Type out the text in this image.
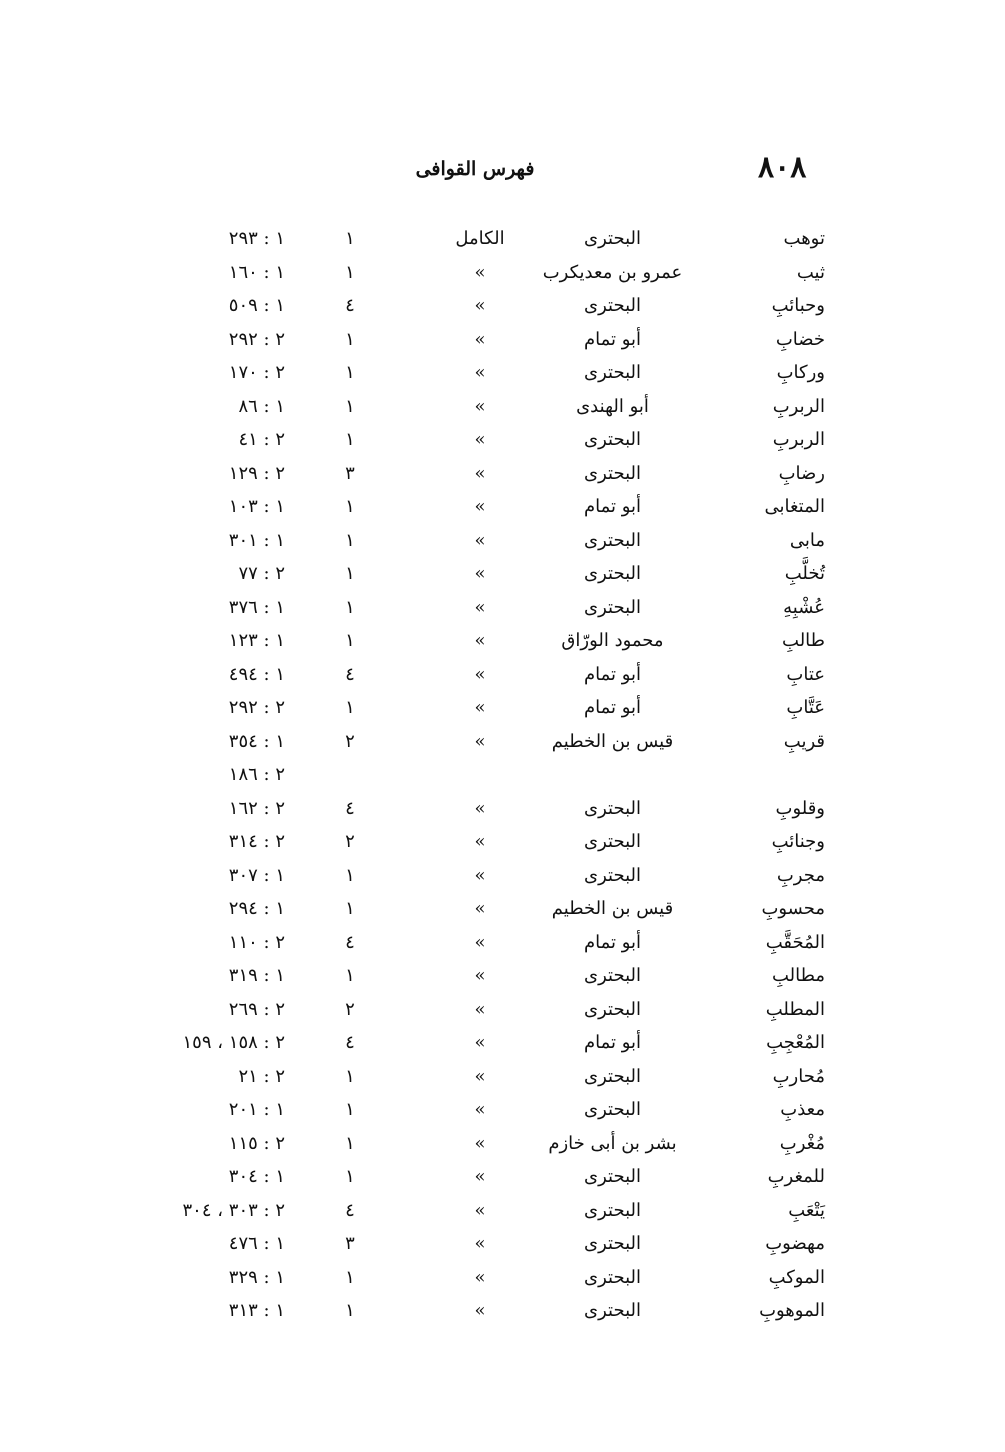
٨٠٨
فهرس القوافى
توهب
البحترى
الكامل
١
١ : ٢٩٣
ثيب
عمرو بن معديكرب
»
١
١ : ١٦٠
وحبائبِ
البحترى
»
٤
١ : ٥٠٩
خضابِ
أبو تمام
»
١
٢ : ٢٩٢
وركابِ
البحترى
»
١
٢ : ١٧٠
الربربِ
أبو الهندى
»
١
١ : ٨٦
الربربِ
البحترى
»
١
٢ : ٤١
رضابِ
البحترى
»
٣
٢ : ١٢٩
المتغابى
أبو تمام
»
١
١ : ١٠٣
مابى
البحترى
»
١
١ : ٣٠١
تُخلَّبِ
البحترى
»
١
٢ : ٧٧
عُشْبِهِ
البحترى
»
١
١ : ٣٧٦
طالبِ
محمود الورّاق
»
١
١ : ١٢٣
عتابِ
أبو تمام
»
٤
١ : ٤٩٤
عَتَّابِ
أبو تمام
»
١
٢ : ٢٩٢
قريبِ
قيس بن الخطيم
»
٢
١ : ٣٥٤
٢ : ١٨٦
وقلوبِ
البحترى
»
٤
٢ : ١٦٢
وجنائبِ
البحترى
»
٢
٢ : ٣١٤
مجربِ
البحترى
»
١
١ : ٣٠٧
محسوبِ
قيس بن الخطيم
»
١
١ : ٢٩٤
المُحَقَّبِ
أبو تمام
»
٤
٢ : ١١٠
مطالبِ
البحترى
»
١
١ : ٣١٩
المطلبِ
البحترى
»
٢
٢ : ٢٦٩
المُعْجِبِ
أبو تمام
»
٤
٢ : ١٥٨ ، ١٥٩
مُحاربِ
البحترى
»
١
٢ : ٢١
معذبِ
البحترى
»
١
١ : ٢٠١
مُغْربِ
بشر بن أبى خازم
»
١
٢ : ١١٥
للمغربِ
البحترى
»
١
١ : ٣٠٤
يَتْعَبِ
البحترى
»
٤
٢ : ٣٠٣ ، ٣٠٤
مهضوبِ
البحترى
»
٣
١ : ٤٧٦
الموكبِ
البحترى
»
١
١ : ٣٢٩
الموهوبِ
البحترى
»
١
١ : ٣١٣
